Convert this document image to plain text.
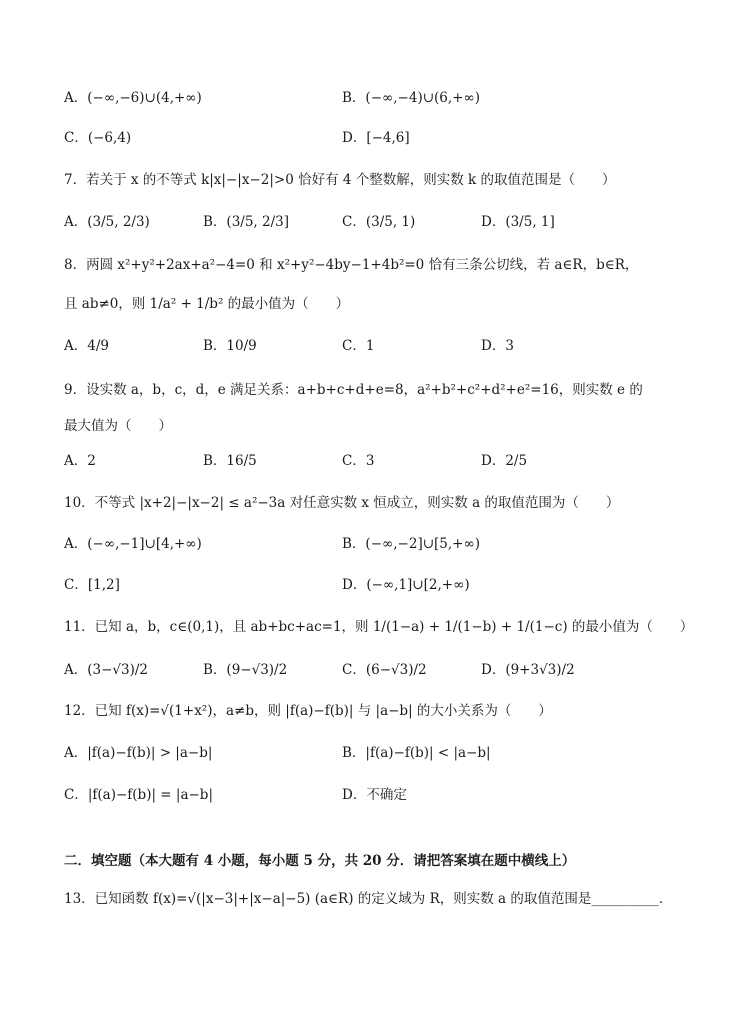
A．(−∞,−6)∪(4,+∞)	B．(−∞,−4)∪(6,+∞)
C．(−6,4)	D．[−4,6]
7．若关于 x 的不等式 k|x|−|x−2|>0 恰好有 4 个整数解，则实数 k 的取值范围是（　　）
A．(3/5, 2/3)	B．(3/5, 2/3]	C．(3/5, 1)	D．(3/5, 1]
8．两圆 x²+y²+2ax+a²−4=0 和 x²+y²−4by−1+4b²=0 恰有三条公切线，若 a∈R，b∈R，
且 ab≠0，则 1/a² + 1/b² 的最小值为（　　）
A．4/9	B．10/9	C．1	D．3
9．设实数 a，b，c，d，e 满足关系：a+b+c+d+e=8，a²+b²+c²+d²+e²=16，则实数 e 的
最大值为（　　）
A．2	B．16/5	C．3	D．2/5
10．不等式 |x+2|−|x−2| ≤ a²−3a 对任意实数 x 恒成立，则实数 a 的取值范围为（　　）
A．(−∞,−1]∪[4,+∞)	B．(−∞,−2]∪[5,+∞)
C．[1,2]	D．(−∞,1]∪[2,+∞)
11．已知 a，b，c∈(0,1)，且 ab+bc+ac=1，则 1/(1−a) + 1/(1−b) + 1/(1−c) 的最小值为（　　）
A．(3−√3)/2	B．(9−√3)/2	C．(6−√3)/2	D．(9+3√3)/2
12．已知 f(x)=√(1+x²)，a≠b，则 |f(a)−f(b)| 与 |a−b| 的大小关系为（　　）
A．|f(a)−f(b)| > |a−b|	B．|f(a)−f(b)| < |a−b|
C．|f(a)−f(b)| = |a−b|	D．不确定
二．填空题（本大题有 4 小题，每小题 5 分，共 20 分．请把答案填在题中横线上）
13．已知函数 f(x)=√(|x−3|+|x−a|−5) (a∈R) 的定义域为 R，则实数 a 的取值范围是__________．
